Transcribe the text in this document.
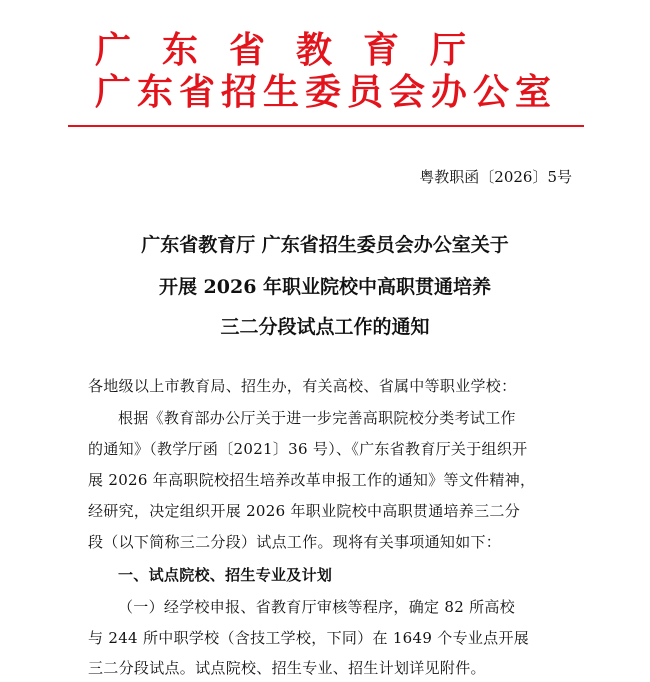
广东省教育厅
广东省招生委员会办公室
粤教职函〔2026〕5号
广东省教育厅 广东省招生委员会办公室关于
开展 2026 年职业院校中高职贯通培养
三二分段试点工作的通知
各地级以上市教育局、招生办，有关高校、省属中等职业学校：
根据《教育部办公厅关于进一步完善高职院校分类考试工作
的通知》（教学厅函〔2021〕36 号）、《广东省教育厅关于组织开
展 2026 年高职院校招生培养改革申报工作的通知》等文件精神，
经研究，决定组织开展 2026 年职业院校中高职贯通培养三二分
段（以下简称三二分段）试点工作。现将有关事项通知如下：
一、试点院校、招生专业及计划
（一）经学校申报、省教育厅审核等程序，确定 82 所高校
与 244 所中职学校（含技工学校，下同）在 1649 个专业点开展
三二分段试点。试点院校、招生专业、招生计划详见附件。
